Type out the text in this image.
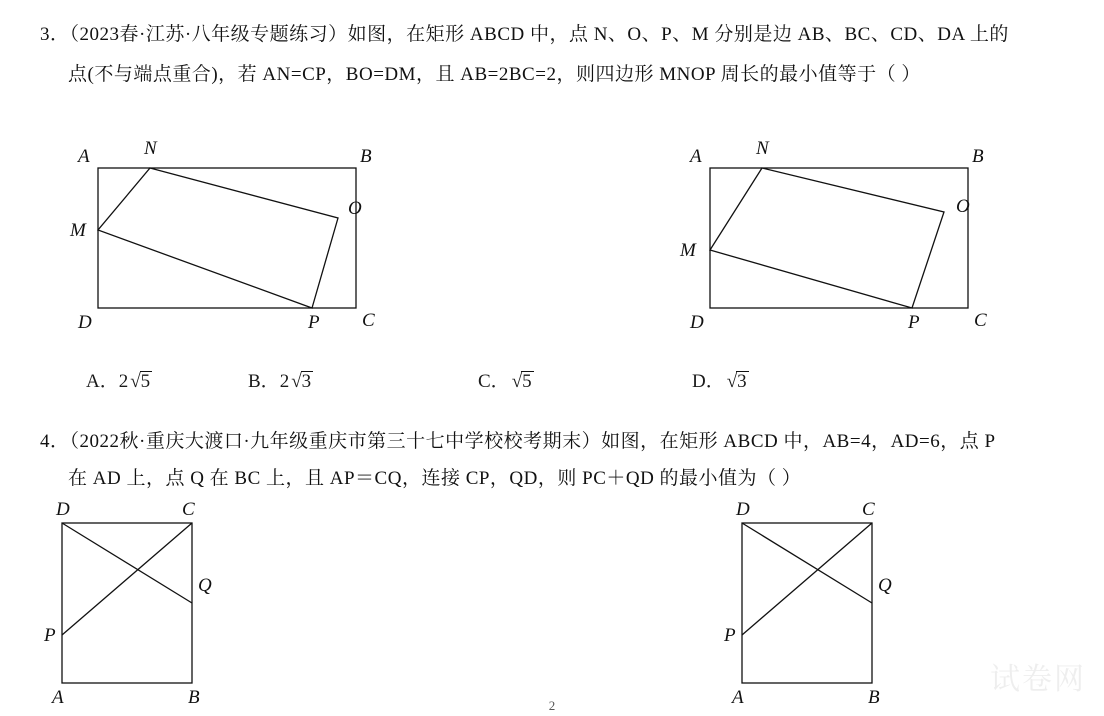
3．（2023春·江苏·八年级专题练习）如图，在矩形 ABCD 中，点 N、O、P、M 分别是边 AB、BC、CD、DA 上的
点(不与端点重合)，若 AN=CP，BO=DM，且 AB=2BC=2，则四边形 MNOP 周长的最小值等于（ ）
A	N	B
O
M
D	P C
A	N	B
O
M
D	P	C
A．2 √5	B．2 √3	C． √5	D． √3
4．（2022秋·重庆大渡口·九年级重庆市第三十七中学校校考期末）如图，在矩形 ABCD 中，AB=4，AD=6，点 P
在 AD 上，点 Q 在 BC 上，且 AP＝CQ，连接 CP，QD，则 PC＋QD 的最小值为（ ）
D	C
Q
P
A	B
D	C
Q
P
A	B
试卷网
2
